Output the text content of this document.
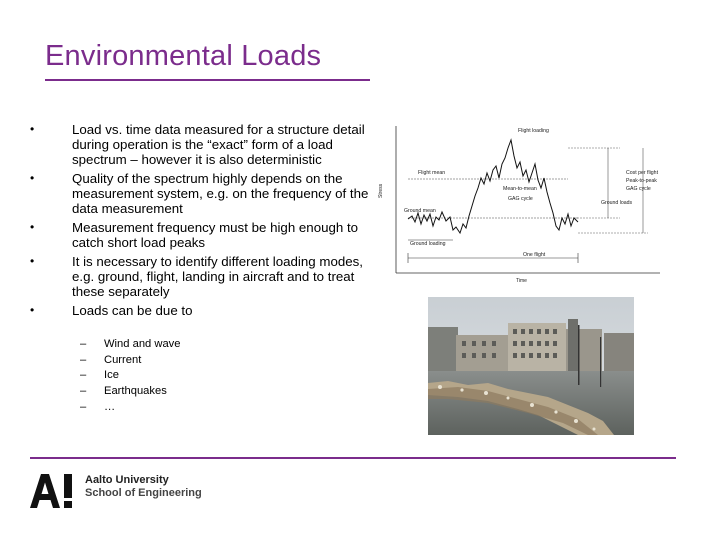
Environmental Loads
• Load vs. time data measured for a structure detail during operation is the “exact” form of a load spectrum – however it is also deterministic
• Quality of the spectrum highly depends on the measurement system, e.g. on the frequency of the data measurement
• Measurement frequency must be high enough to catch short load peaks
• It is necessary to identify different loading modes, e.g. ground, flight, landing in aircraft and to treat these separately
• Loads can be due to
– Wind and wave
– Current
– Ice
– Earthquakes
– …
Stress
Time
Flight loading
Flight mean
Mean-to-mean
GAG cycle
Ground mean
Ground loading
Ground loads
Cost per flight
Peak-to-peak
GAG cycle
One flight
Aalto University
School of Engineering
